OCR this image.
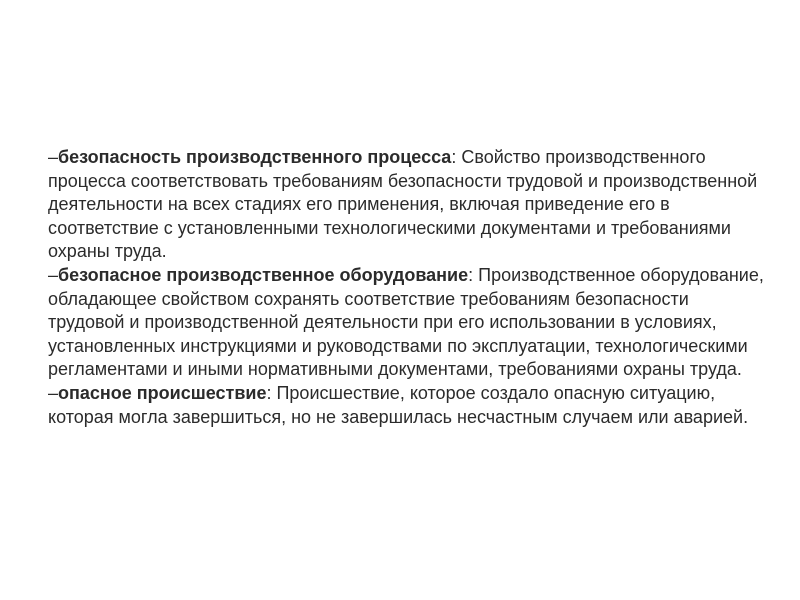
–безопасность производственного процесса: Свойство производственного процесса соответствовать требованиям безопасности трудовой и производственной деятельности на всех стадиях его применения, включая приведение его в соответствие с установленными технологическими документами и требованиями охраны труда.

–безопасное производственное оборудование: Производственное оборудование, обладающее свойством сохранять соответствие требованиям безопасности трудовой и производственной деятельности при его использовании в условиях, установленных инструкциями и руководствами по эксплуатации, технологическими регламентами и иными нормативными документами, требованиями охраны труда.

–опасное происшествие: Происшествие, которое создало опасную ситуацию, которая могла завершиться, но не завершилась несчастным случаем или аварией.
